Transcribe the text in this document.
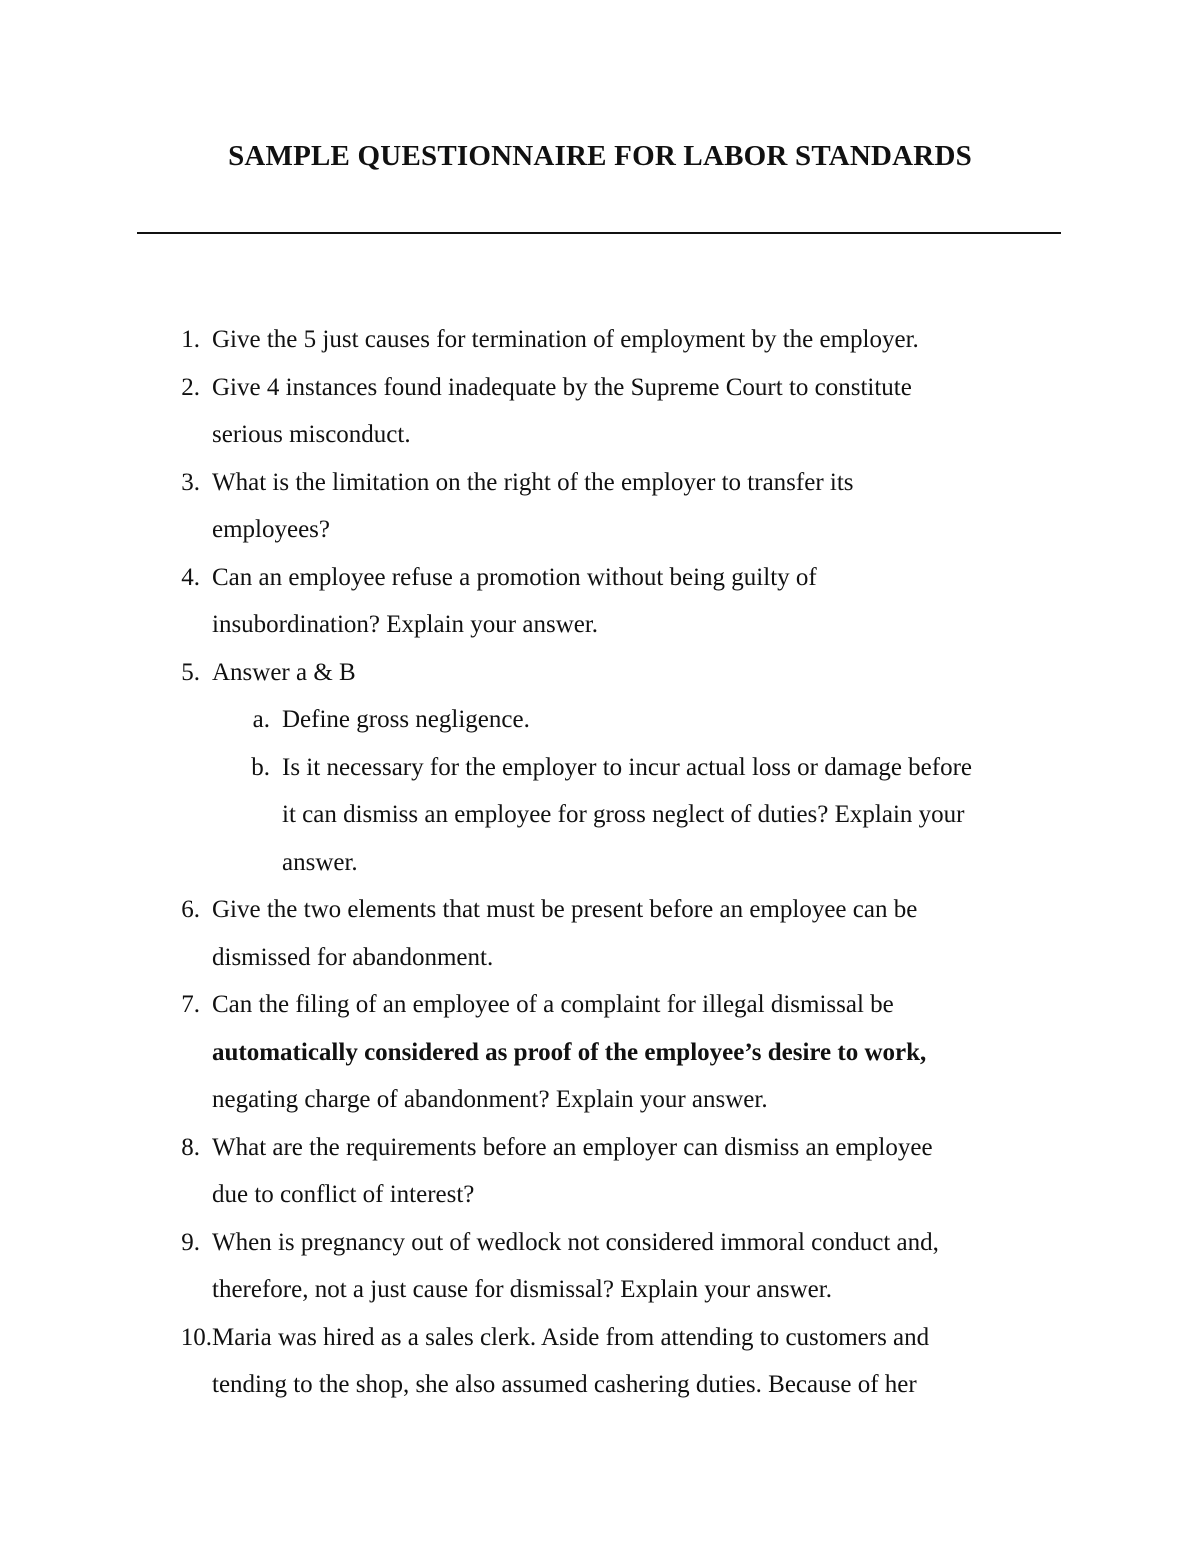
SAMPLE QUESTIONNAIRE FOR LABOR STANDARDS
1. Give the 5 just causes for termination of employment by the employer.
2. Give 4 instances found inadequate by the Supreme Court to constitute
serious misconduct.
3. What is the limitation on the right of the employer to transfer its
employees?
4. Can an employee refuse a promotion without being guilty of
insubordination? Explain your answer.
5. Answer a & B
a. Define gross negligence.
b. Is it necessary for the employer to incur actual loss or damage before
it can dismiss an employee for gross neglect of duties? Explain your
answer.
6. Give the two elements that must be present before an employee can be
dismissed for abandonment.
7. Can the filing of an employee of a complaint for illegal dismissal be
automatically considered as proof of the employee’s desire to work,
negating charge of abandonment? Explain your answer.
8. What are the requirements before an employer can dismiss an employee
due to conflict of interest?
9. When is pregnancy out of wedlock not considered immoral conduct and,
therefore, not a just cause for dismissal? Explain your answer.
10. Maria was hired as a sales clerk. Aside from attending to customers and
tending to the shop, she also assumed cashering duties. Because of her
